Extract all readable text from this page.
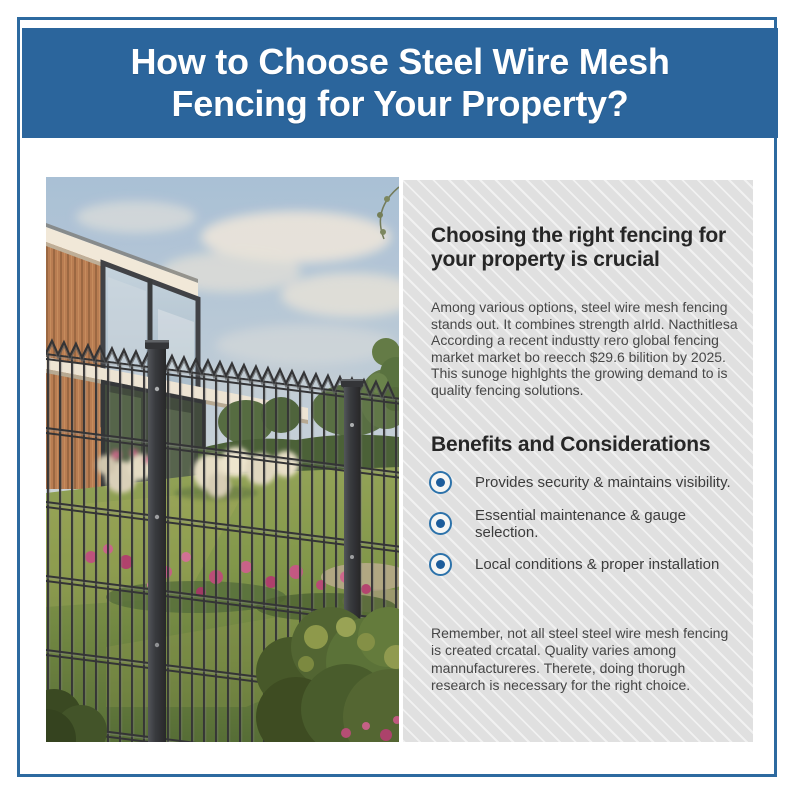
How to Choose Steel Wire Mesh Fencing for Your Property?
Choosing the right fencing for your property is crucial

Among various options, steel wire mesh fencing stands out. It combines strength aIrld. Nacthitlesa According a recent industty rero global fencing market market bo reecch $29.6 bilition by 2025. This sunoge highlghts the growing demand to is quality fencing solutions.

Benefits and Considerations
Provides security & maintains visibility.
Essential maintenance & gauge selection.
Local conditions & proper installation

Remember, not all steel steel wire mesh fencing is created crcatal. Quality varies among mannufactureres. Therete, doing thorugh research is necessary for the right choice.
